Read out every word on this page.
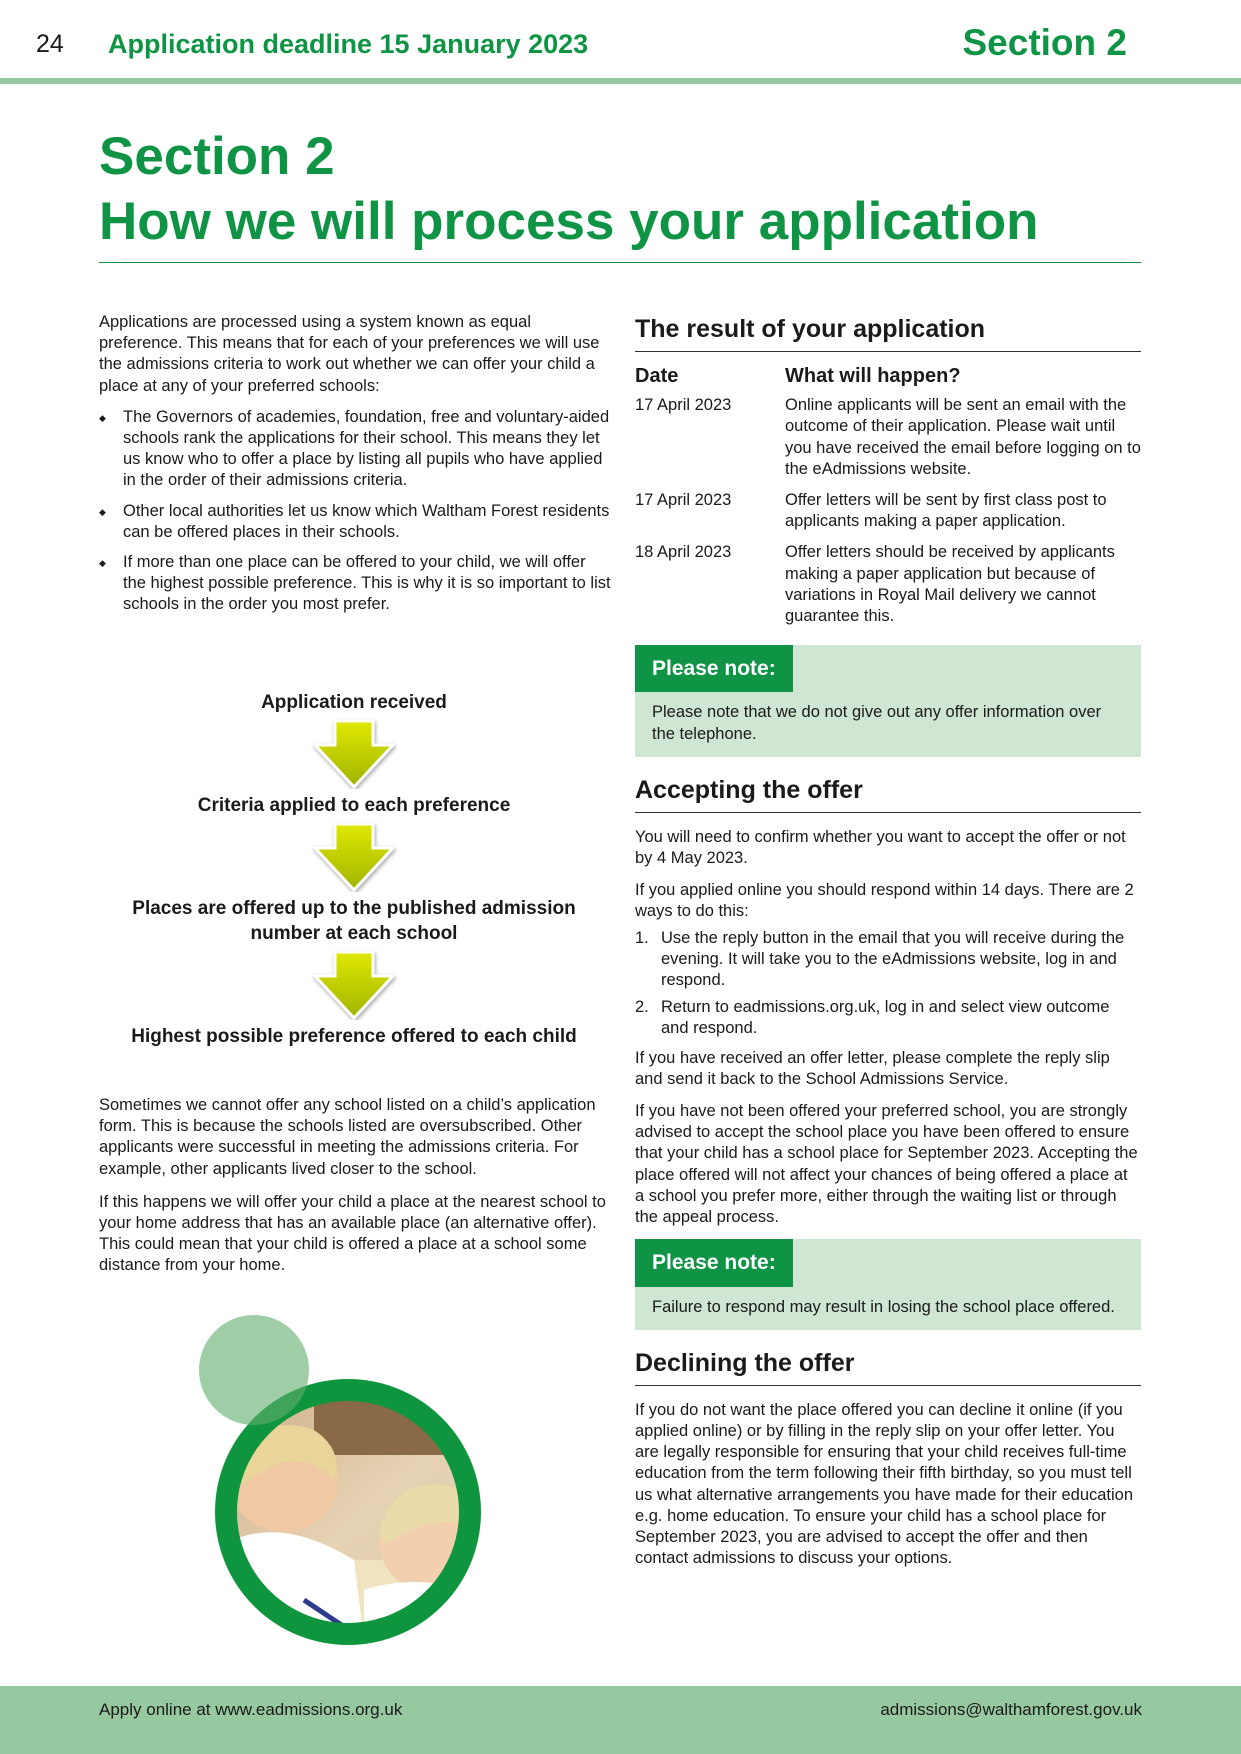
24 Application deadline 15 January 2023	Section 2
Section 2
How we will process your application

Applications are processed using a system known as equal preference. This means that for each of your preferences we will use the admissions criteria to work out whether we can offer your child a place at any of your preferred schools:

◆ The Governors of academies, foundation, free and voluntary-aided schools rank the applications for their school. This means they let us know who to offer a place by listing all pupils who have applied in the order of their admissions criteria.
◆ Other local authorities let us know which Waltham Forest residents can be offered places in their schools.
◆ If more than one place can be offered to your child, we will offer the highest possible preference. This is why it is so important to list schools in the order you most prefer.
Application received
Criteria applied to each preference
Places are offered up to the published admission number at each school
Highest possible preference offered to each child

Sometimes we cannot offer any school listed on a child’s application form. This is because the schools listed are oversubscribed. Other applicants were successful in meeting the admissions criteria. For example, other applicants lived closer to the school.

If this happens we will offer your child a place at the nearest school to your home address that has an available place (an alternative offer). This could mean that your child is offered a place at a school some distance from your home.

The result of your application
Date	What will happen?
17 April 2023	Online applicants will be sent an email with the outcome of their application. Please wait until you have received the email before logging on to the eAdmissions website.
17 April 2023	Offer letters will be sent by first class post to applicants making a paper application.
18 April 2023	Offer letters should be received by applicants making a paper application but because of variations in Royal Mail delivery we cannot guarantee this.
Please note:
Please note that we do not give out any offer information over the telephone.
Accepting the offer

You will need to confirm whether you want to accept the offer or not by 4 May 2023.

If you applied online you should respond within 14 days. There are 2 ways to do this:

1. Use the reply button in the email that you will receive during the evening. It will take you to the eAdmissions website, log in and respond.
2. Return to eadmissions.org.uk, log in and select view outcome and respond.

If you have received an offer letter, please complete the reply slip and send it back to the School Admissions Service.

If you have not been offered your preferred school, you are strongly advised to accept the school place you have been offered to ensure that your child has a school place for September 2023. Accepting the place offered will not affect your chances of being offered a place at a school you prefer more, either through the waiting list or through the appeal process.

Please note:
Failure to respond may result in losing the school place offered.
Declining the offer

If you do not want the place offered you can decline it online (if you applied online) or by filling in the reply slip on your offer letter. You are legally responsible for ensuring that your child receives full-time education from the term following their fifth birthday, so you must tell us what alternative arrangements you have made for their education e.g. home education. To ensure your child has a school place for September 2023, you are advised to accept the offer and then contact admissions to discuss your options.

Apply online at www.eadmissions.org.uk	admissions@walthamforest.gov.uk
